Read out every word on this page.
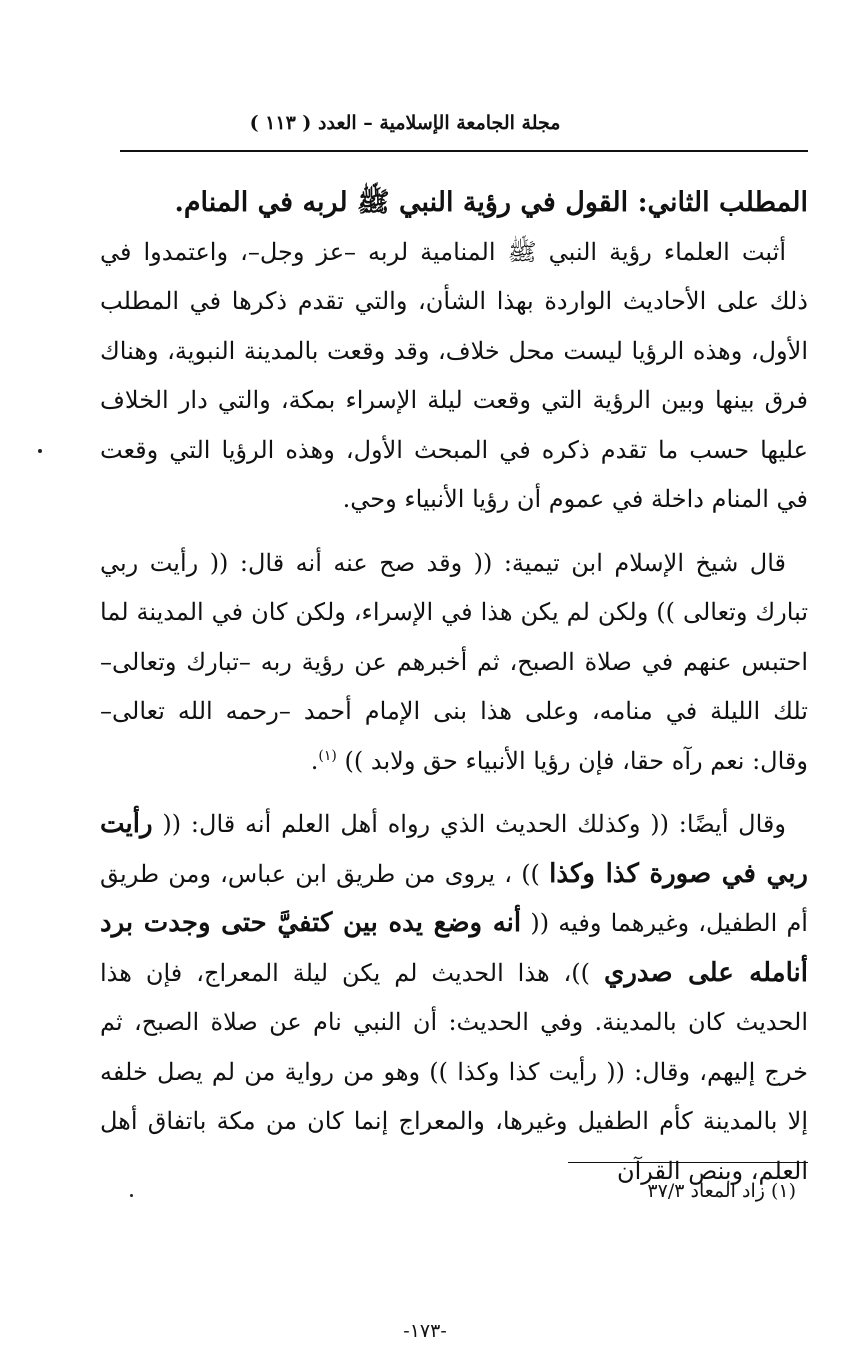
مجلة الجامعة الإسلامية – العدد ( ١١٣ )

المطلب الثاني: القول في رؤية النبي ﷺ لربه في المنام.

أثبت العلماء رؤية النبي ﷺ المنامية لربه –عز وجل–، واعتمدوا في ذلك على الأحاديث الواردة بهذا الشأن، والتي تقدم ذكرها في المطلب الأول، وهذه الرؤيا ليست محل خلاف، وقد وقعت بالمدينة النبوية، وهناك فرق بينها وبين الرؤية التي وقعت ليلة الإسراء بمكة، والتي دار الخلاف عليها حسب ما تقدم ذكره في المبحث الأول، وهذه الرؤيا التي وقعت في المنام داخلة في عموم أن رؤيا الأنبياء وحي.

قال شيخ الإسلام ابن تيمية: (( وقد صح عنه أنه قال: (( رأيت ربي تبارك وتعالى )) ولكن لم يكن هذا في الإسراء، ولكن كان في المدينة لما احتبس عنهم في صلاة الصبح، ثم أخبرهم عن رؤية ربه –تبارك وتعالى– تلك الليلة في منامه، وعلى هذا بنى الإمام أحمد –رحمه الله تعالى– وقال: نعم رآه حقا، فإن رؤيا الأنبياء حق ولابد )) $^{(١)}$.

وقال أيضًا: (( وكذلك الحديث الذي رواه أهل العلم أنه قال: (( رأيت ربي في صورة كذا وكذا )) ، يروى من طريق ابن عباس، ومن طريق أم الطفيل، وغيرهما وفيه (( أنه وضع يده بين كتفيَّ حتى وجدت برد أنامله على صدري ))، هذا الحديث لم يكن ليلة المعراج، فإن هذا الحديث كان بالمدينة. وفي الحديث: أن النبي نام عن صلاة الصبح، ثم خرج إليهم، وقال: (( رأيت كذا وكذا )) وهو من رواية من لم يصل خلفه إلا بالمدينة كأم الطفيل وغيرها، والمعراج إنما كان من مكة باتفاق أهل العلم، وبنص القرآن

(١) زاد المعاد ٣٧/٣
-١٧٣-
